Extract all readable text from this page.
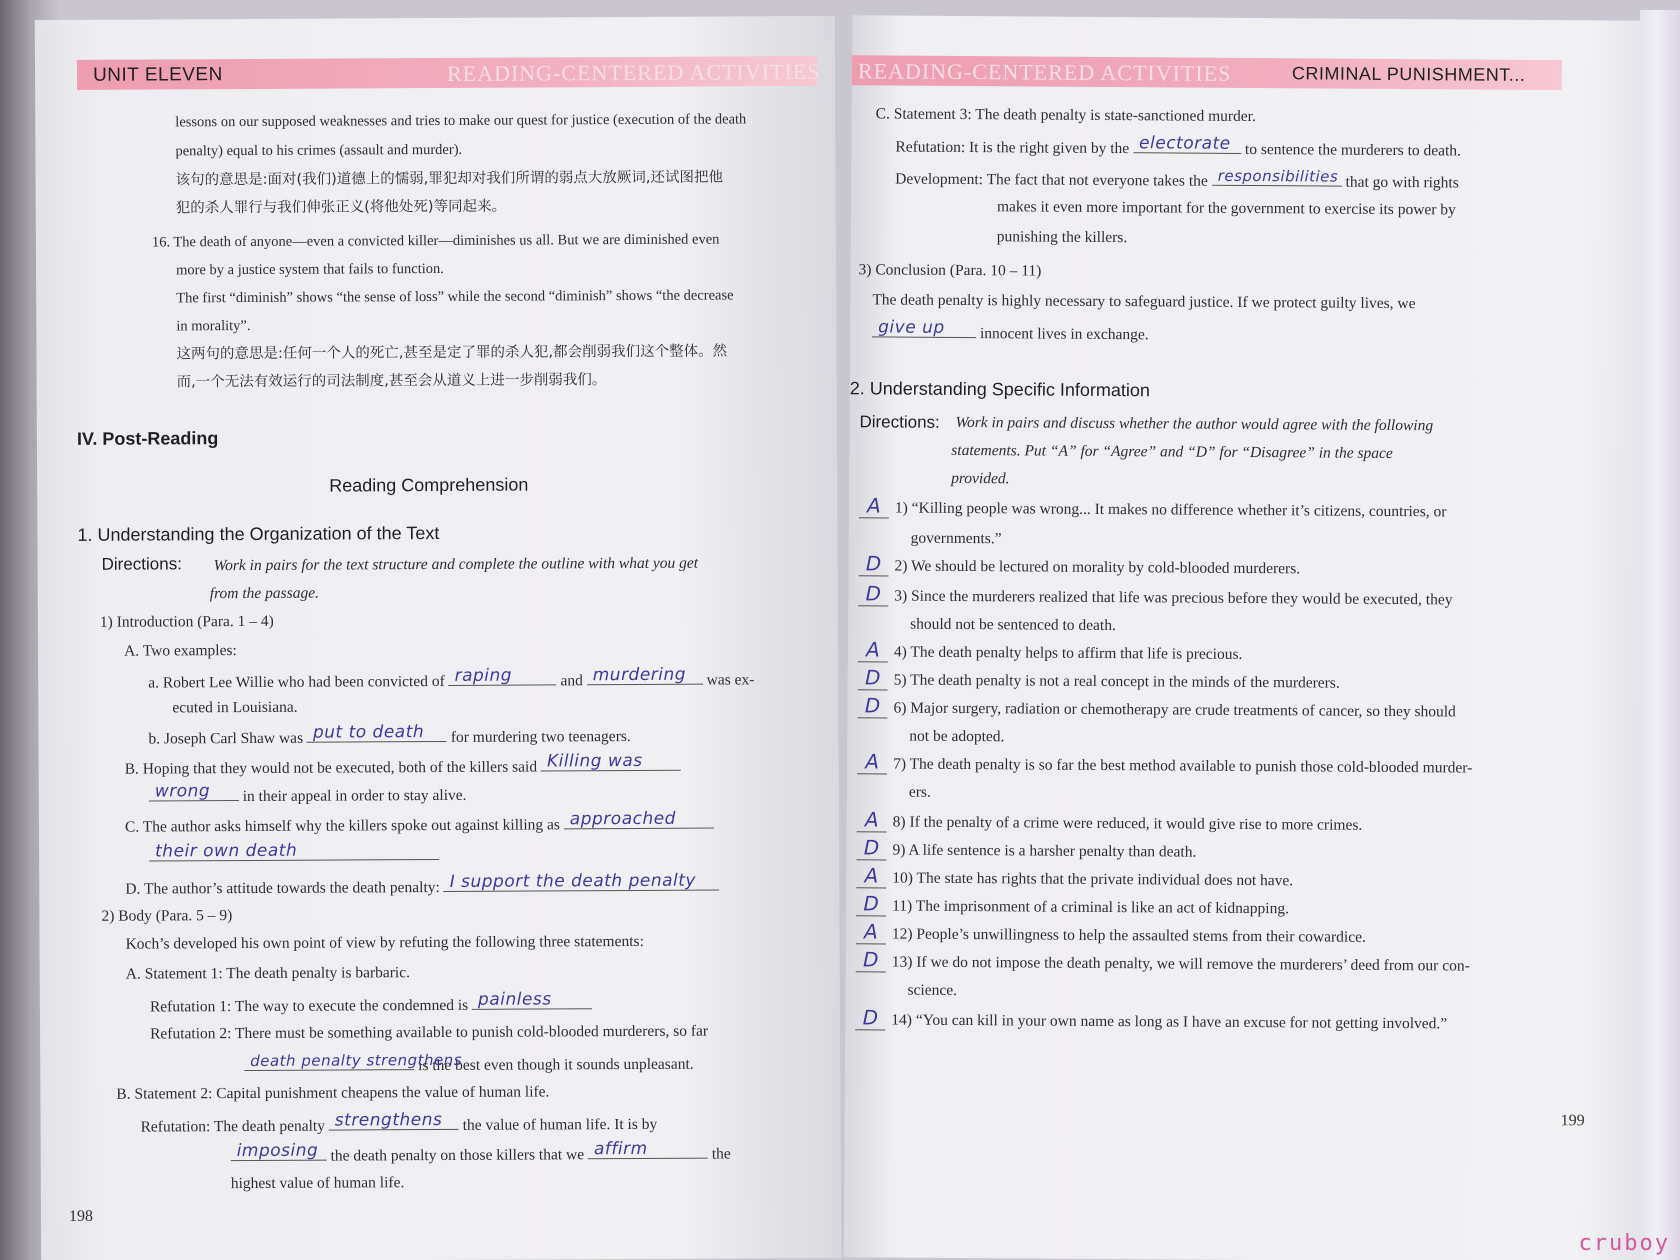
UNIT ELEVEN	READING-CENTERED ACTIVITIES
lessons on our supposed weaknesses and tries to make our quest for justice (execution of the death
penalty) equal to his crimes (assault and murder).
该句的意思是:面对(我们)道德上的懦弱,罪犯却对我们所谓的弱点大放厥词,还试图把他
犯的杀人罪行与我们伸张正义(将他处死)等同起来。
16. The death of anyone—even a convicted killer—diminishes us all. But we are diminished even
more by a justice system that fails to function.
The first “diminish” shows “the sense of loss” while the second “diminish” shows “the decrease
in morality”.
这两句的意思是:任何一个人的死亡,甚至是定了罪的杀人犯,都会削弱我们这个整体。然
而,一个无法有效运行的司法制度,甚至会从道义上进一步削弱我们。
IV. Post-Reading
Reading Comprehension
1. Understanding the Organization of the Text
Directions: Work in pairs for the text structure and complete the outline with what you get
from the passage.
1) Introduction (Para. 1 – 4)
A. Two examples:
a. Robert Lee Willie who had been convicted of raping	and murdering was ex-
ecuted in Louisiana.
b. Joseph Carl Shaw was put to death for murdering two teenagers.
B. Hoping that they would not be executed, both of the killers said Killing was
wrong in their appeal in order to stay alive.
C. The author asks himself why the killers spoke out against killing as approached
their own death
D. The author’s attitude towards the death penalty: I support the death penalty
2) Body (Para. 5 – 9)
Koch’s developed his own point of view by refuting the following three statements:
A. Statement 1: The death penalty is barbaric.
Refutation 1: The way to execute the condemned is painless
Refutation 2: There must be something available to punish cold-blooded murderers, so far
death penalty strengthens
is the best even though it sounds unpleasant.
B. Statement 2: Capital punishment cheapens the value of human life.
Refutation: The death penalty strengthens the value of human life. It is by
imposing the death penalty on those killers that we affirm	the
highest value of human life.
198
READING-CENTERED ACTIVITIES	CRIMINAL PUNISHMENT...
C. Statement 3: The death penalty is state-sanctioned murder.
Refutation: It is the right given by the electorate to sentence the murderers to death.
Development: The fact that not everyone takes the responsibilities that go with rights
makes it even more important for the government to exercise its power by
punishing the killers.
3) Conclusion (Para. 10 – 11)
The death penalty is highly necessary to safeguard justice. If we protect guilty lives, we
give up innocent lives in exchange.
2. Understanding Specific Information
Directions: Work in pairs and discuss whether the author would agree with the following
statements. Put “A” for “Agree” and “D” for “Disagree” in the space
provided.
A 1) “Killing people was wrong... It makes no difference whether it’s citizens, countries, or
governments.”
D 2) We should be lectured on morality by cold-blooded murderers.
D 3) Since the murderers realized that life was precious before they would be executed, they
should not be sentenced to death.
A 4) The death penalty helps to affirm that life is precious.
D 5) The death penalty is not a real concept in the minds of the murderers.
D 6) Major surgery, radiation or chemotherapy are crude treatments of cancer, so they should
not be adopted.
A 7) The death penalty is so far the best method available to punish those cold-blooded murder-
ers.
A 8) If the penalty of a crime were reduced, it would give rise to more crimes.
D 9) A life sentence is a harsher penalty than death.
A 10) The state has rights that the private individual does not have.
D 11) The imprisonment of a criminal is like an act of kidnapping.
A 12) People’s unwillingness to help the assaulted stems from their cowardice.
D 13) If we do not impose the death penalty, we will remove the murderers’ deed from our con-
science.
D 14) “You can kill in your own name as long as I have an excuse for not getting involved.”
199
cruboy
